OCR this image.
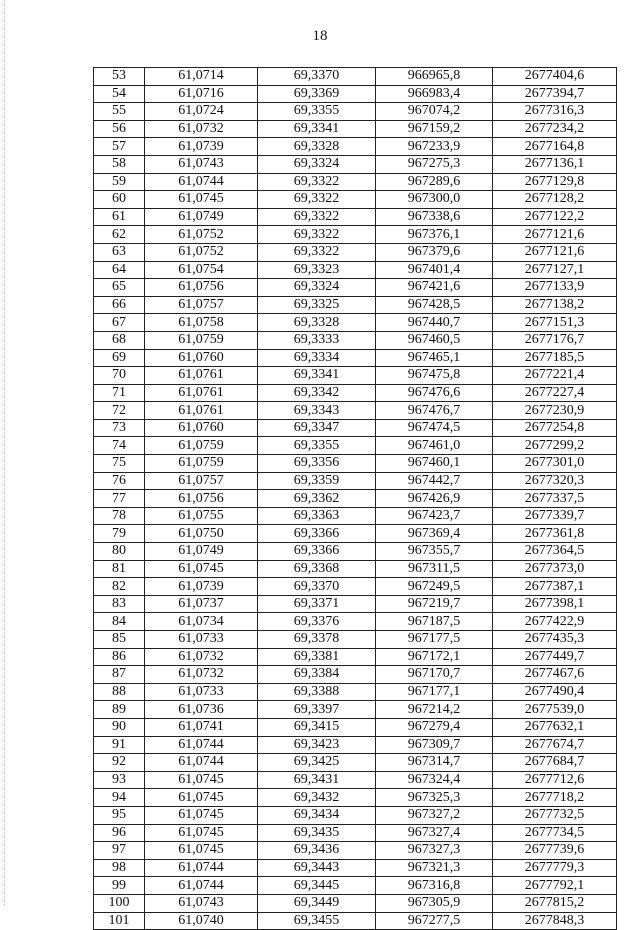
18
53	61,0714	69,3370	966965,8	2677404,6
54	61,0716	69,3369	966983,4	2677394,7
55	61,0724	69,3355	967074,2	2677316,3
56	61,0732	69,3341	967159,2	2677234,2
57	61,0739	69,3328	967233,9	2677164,8
58	61,0743	69,3324	967275,3	2677136,1
59	61,0744	69,3322	967289,6	2677129,8
60	61,0745	69,3322	967300,0	2677128,2
61	61,0749	69,3322	967338,6	2677122,2
62	61,0752	69,3322	967376,1	2677121,6
63	61,0752	69,3322	967379,6	2677121,6
64	61,0754	69,3323	967401,4	2677127,1
65	61,0756	69,3324	967421,6	2677133,9
66	61,0757	69,3325	967428,5	2677138,2
67	61,0758	69,3328	967440,7	2677151,3
68	61,0759	69,3333	967460,5	2677176,7
69	61,0760	69,3334	967465,1	2677185,5
70	61,0761	69,3341	967475,8	2677221,4
71	61,0761	69,3342	967476,6	2677227,4
72	61,0761	69,3343	967476,7	2677230,9
73	61,0760	69,3347	967474,5	2677254,8
74	61,0759	69,3355	967461,0	2677299,2
75	61,0759	69,3356	967460,1	2677301,0
76	61,0757	69,3359	967442,7	2677320,3
77	61,0756	69,3362	967426,9	2677337,5
78	61,0755	69,3363	967423,7	2677339,7
79	61,0750	69,3366	967369,4	2677361,8
80	61,0749	69,3366	967355,7	2677364,5
81	61,0745	69,3368	967311,5	2677373,0
82	61,0739	69,3370	967249,5	2677387,1
83	61,0737	69,3371	967219,7	2677398,1
84	61,0734	69,3376	967187,5	2677422,9
85	61,0733	69,3378	967177,5	2677435,3
86	61,0732	69,3381	967172,1	2677449,7
87	61,0732	69,3384	967170,7	2677467,6
88	61,0733	69,3388	967177,1	2677490,4
89	61,0736	69,3397	967214,2	2677539,0
90	61,0741	69,3415	967279,4	2677632,1
91	61,0744	69,3423	967309,7	2677674,7
92	61,0744	69,3425	967314,7	2677684,7
93	61,0745	69,3431	967324,4	2677712,6
94	61,0745	69,3432	967325,3	2677718,2
95	61,0745	69,3434	967327,2	2677732,5
96	61,0745	69,3435	967327,4	2677734,5
97	61,0745	69,3436	967327,3	2677739,6
98	61,0744	69,3443	967321,3	2677779,3
99	61,0744	69,3445	967316,8	2677792,1
100	61,0743	69,3449	967305,9	2677815,2
101	61,0740	69,3455	967277,5	2677848,3
